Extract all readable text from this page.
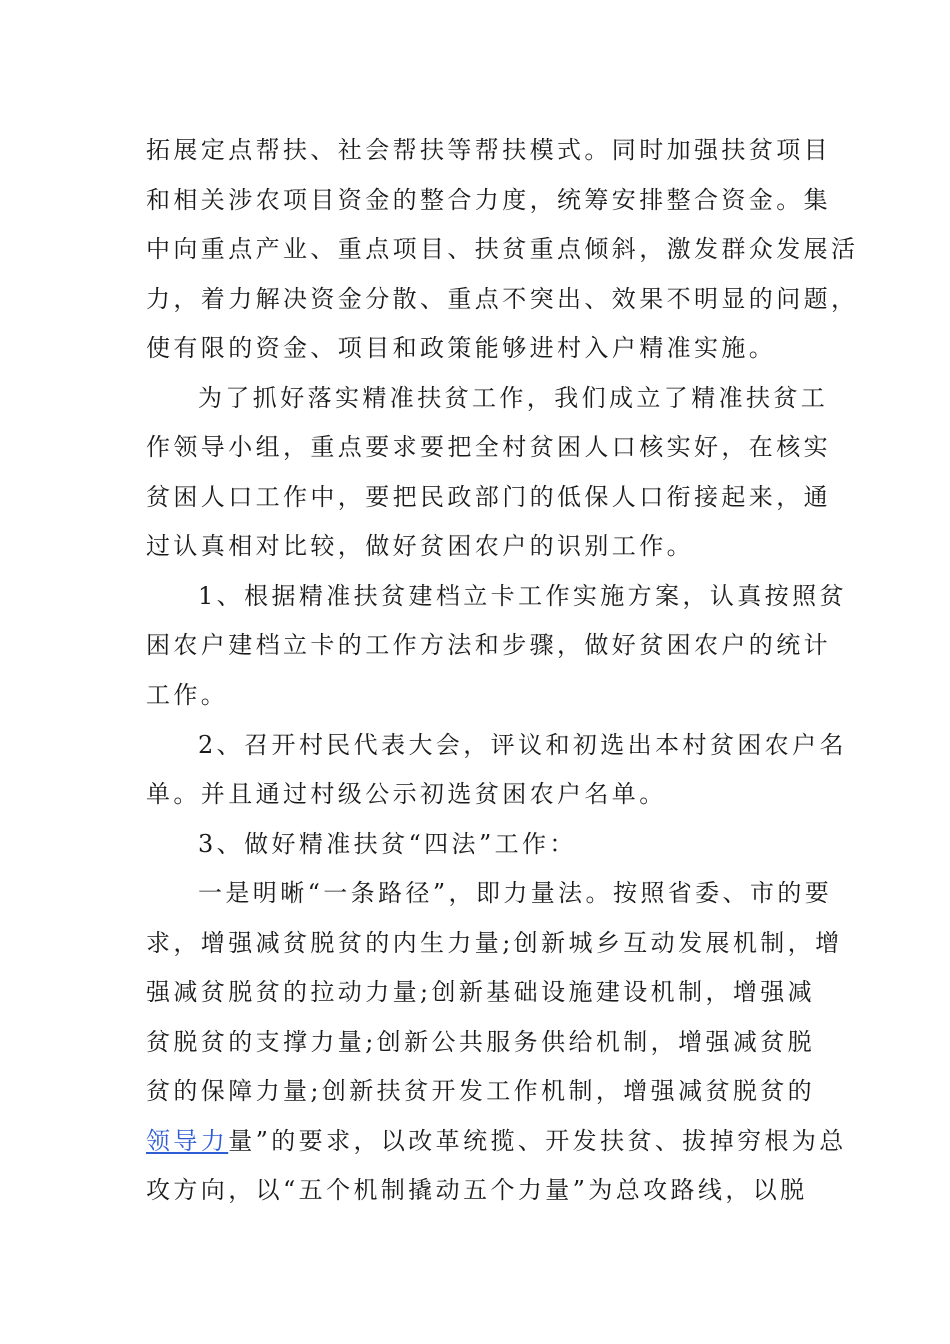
拓展定点帮扶、社会帮扶等帮扶模式。同时加强扶贫项目
和相关涉农项目资金的整合力度，统筹安排整合资金。集
中向重点产业、重点项目、扶贫重点倾斜，激发群众发展活
力，着力解决资金分散、重点不突出、效果不明显的问题，
使有限的资金、项目和政策能够进村入户精准实施。
为了抓好落实精准扶贫工作，我们成立了精准扶贫工
作领导小组，重点要求要把全村贫困人口核实好，在核实
贫困人口工作中，要把民政部门的低保人口衔接起来，通
过认真相对比较，做好贫困农户的识别工作。
1、根据精准扶贫建档立卡工作实施方案，认真按照贫
困农户建档立卡的工作方法和步骤，做好贫困农户的统计
工作。
2、召开村民代表大会，评议和初选出本村贫困农户名
单。并且通过村级公示初选贫困农户名单。
3、做好精准扶贫“四法”工作：
一是明晰“一条路径”，即力量法。按照省委、市的要
求，增强减贫脱贫的内生力量;创新城乡互动发展机制，增
强减贫脱贫的拉动力量;创新基础设施建设机制，增强减
贫脱贫的支撑力量;创新公共服务供给机制，增强减贫脱
贫的保障力量;创新扶贫开发工作机制，增强减贫脱贫的
领导力量”的要求，以改革统揽、开发扶贫、拔掉穷根为总
攻方向，以“五个机制撬动五个力量”为总攻路线，以脱
